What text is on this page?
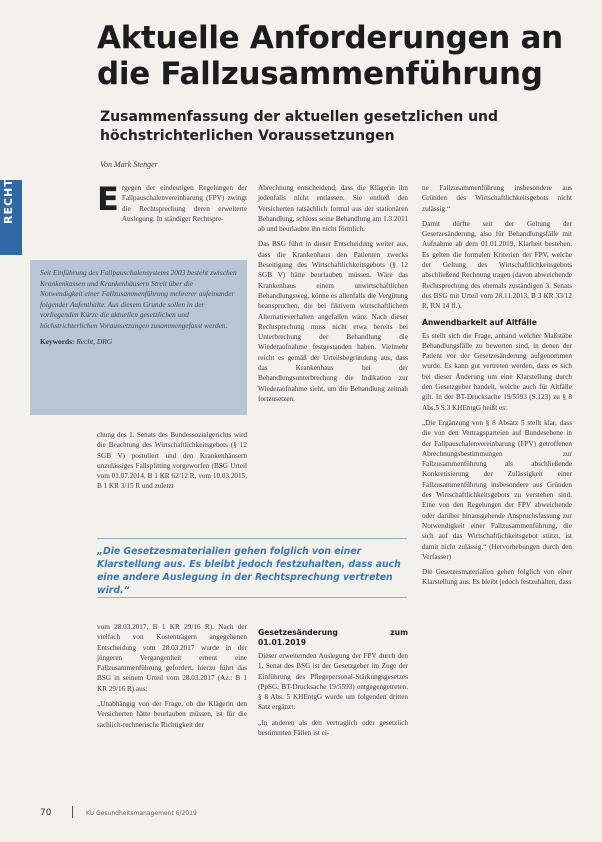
Aktuelle Anforderungen an die Fallzusammenführung
Zusammenfassung der aktuellen gesetzlichen und höchstrichterlichen Voraussetzungen
Von Mark Stenger
RECHT	E rgegen der eindeutigen Regelungen der Fallpauschalenvereinbarung (FPV) zwingt die Rechtsprechung deren erweiterte Auslegung. In ständiger Rechtspre-
Seit Einführung des Fallpauschalensystems 2003 besteht zwischen Krankenkassen und Krankenhäusern Streit über die Notwendigkeit einer Fallzusammenführung mehrerer aufeinander folgender Aufenthalte. Aus diesem Grunde sollen in der vorliegenden Kürze die aktuellen gesetzlichen und höchstrichterlichen Voraussetzungen zusammengefasst werden.
Keywords: Recht, DRG

chung des 1. Senats des Bundessozialgerichts wird die Beachtung des Wirtschaftlichkeitsgebots (§ 12 SGB V) postuliert und den Krankenhäusern unzulässiges Fallsplitting vorgeworfen (BSG Urteil vom 01.07.2014, B 1 KR 62/12 R, vom 10.03.2015, B 1 KR 3/15 R und zuletzt

Abrechnung entscheidend, dass die Klägerin ihn jedenfalls nicht entlassen. Sie entließ den Versicherten tatsächlich formal aus der stationären Behandlung, schloss seine Behandlung am 1.3.2011 ab und beurlaubte ihn nicht förmlich.

Das BSG führt in dieser Entscheidung weiter aus, dass die Krankenhaus den Patienten zwecks Beseitigung des Wirtschaftlichkeitsgebots (§ 12 SGB V) hätte beurlauben müssen. Wäre das Krankenhaus einem unwirtschaftlichen Behandlungsweg, könne es allenfalls die Vergütung beanspruchen, die bei fiktivem wirtschaftlichem Alternativverhalten angefallen wäre. Nach dieser Rechtsprechung muss nicht etwa bereits bei Unterbrechung der Behandlung die Wiederaufnahme festgestanden haben. Vielmehr reicht es gemäß der Urteilsbegründung aus, dass das Krankenhaus bei der Behandlungsunterbrechung die Indikation zur Wiederaufnahme sieht, um die Behandlung zeitnah fortzusetzen.

„Die Gesetzesmaterialien gehen folglich von einer Klarstellung aus. Es bleibt jedoch festzuhalten, dass auch eine andere Auslegung in der Rechtsprechung vertreten wird.“

vom 28.03.2017, B 1 KR 29/16 R). Nach der vielfach von Kostenträgern angegebenen Entscheidung vom 28.03.2017 wurde in der jüngeren Vergangenheit erneut eine Fallzusammenführung gefordert, hierzu führt das BSG in seinem Urteil vom 28.03.2017 (Az.: B 1 KR 29/16 R) aus:

„Unabhängig von der Frage, ob die Klägerin den Versicherten hätte beurlauben müssen, ist für die sachlich-rechnerische Richtigkeit der

Gesetzesänderung zum 01.01.2019

Dieser erweiternden Auslegung der FPV durch den 1. Senat des BSG ist der Gesetzgeber im Zuge der Einführung des Pflegepersonal-Stärkungsgesetzes (PpSG, BT-Drucksache 19/5593) entgegengetreten. § 8 Abs. 5 KHEntgG wurde um folgenden dritten Satz ergänzt:

„In anderen als den vertraglich oder gesetzlich bestimmten Fällen ist ei-

ne Fallzusammenführung insbesondere aus Gründen des Wirtschaftlichkeitsgebots nicht zulässig.“

Damit dürfte seit der Geltung der Gesetzesänderung, also für Behandlungsfälle mit Aufnahme ab dem 01.01.2019, Klarheit bestehen. Es gelten die formalen Kriterien der FPV, welche der Geltung des Wirtschaftlichkeitsgebots abschließend Rechnung tragen (davon abweichende Rechtsprechung des ehemals zuständigen 3. Senats des BSG mit Urteil vom 28.11.2013, B 3 KR 33/12 R, RN 14 ff.).

Anwendbarkeit auf Altfälle

Es stellt sich die Frage, anhand welcher Maßstäbe Behandlungsfälle zu bewerten sind, in denen der Patient vor der Gesetzesänderung aufgenommen wurde. Es kann gut vertreten werden, dass es sich bei dieser Änderung um eine Klarstellung durch den Gesetzgeber handelt, welche auch für Altfälle gilt. In der BT-Drucksache 19/5593 (S.123) zu § 8 Abs.5 S.3 KHEntgG heißt es:

„Die Ergänzung von § 8 Absatz 5 stellt klar, dass die von den Vertragsparteien auf Bundesebene in der Fallpauschalenvereinbarung (FPV) getroffenen Abrechnungsbestimmungen zur Fallzusammenführung als abschließende Konkretisierung der Zulässigkeit einer Fallzusammenführung insbesondere aus Gründen des Wirtschaftlichkeitsgebots zu verstehen sind. Eine von den Regelungen der FPV abweichende oder darüber hinausgehende Anspruchsfassung zur Notwendigkeit einer Fallzusammenführung, die sich auf das Wirtschaftlichkeitsgebot stützt, ist damit nicht zulässig.“ (Hervorhebungen durch den Verfasser)

Die Gesetzesmaterialien gehen folglich von einer Klarstellung aus. Es bleibt jedoch festzuhalten, dass

70	KU Gesundheitsmanagement 6/2019
